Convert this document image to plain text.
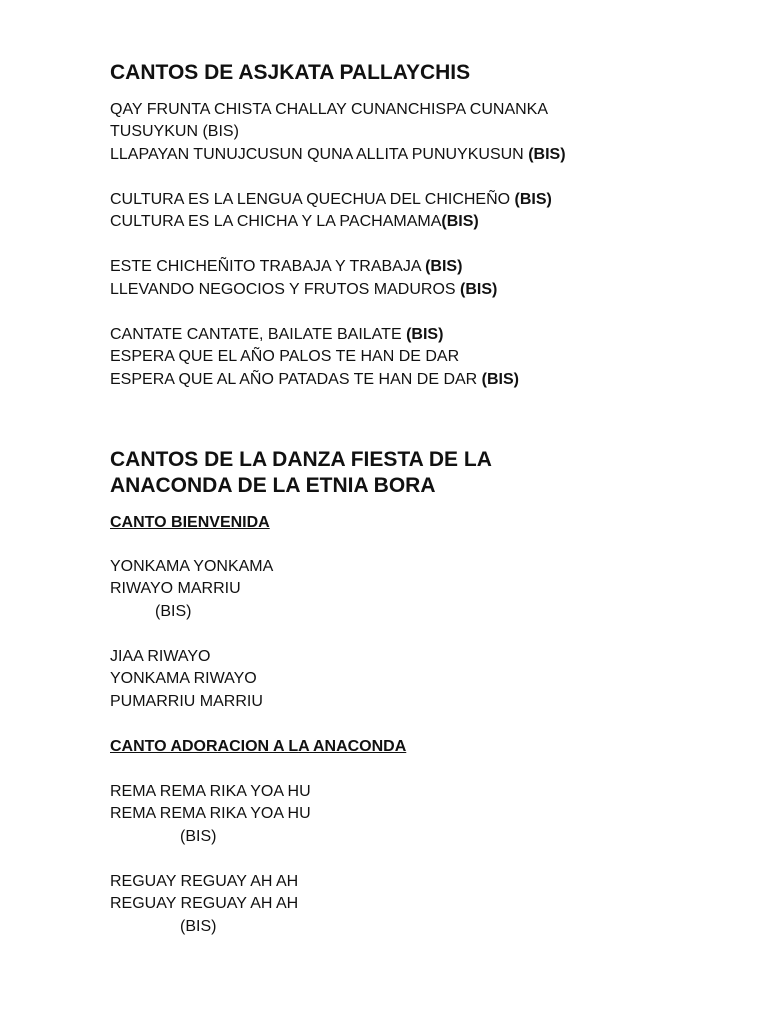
CANTOS DE ASJKATA PALLAYCHIS
QAY FRUNTA CHISTA CHALLAY CUNANCHISPA CUNANKA
TUSUYKUN (BIS)
LLAPAYAN TUNUJCUSUN QUNA ALLITA PUNUYKUSUN (BIS)
CULTURA ES LA LENGUA QUECHUA DEL CHICHEÑO (BIS)
CULTURA ES LA CHICHA Y LA PACHAMAMA(BIS)
ESTE CHICHEÑITO TRABAJA Y TRABAJA (BIS)
LLEVANDO NEGOCIOS Y FRUTOS MADUROS (BIS)
CANTATE CANTATE, BAILATE BAILATE (BIS)
ESPERA QUE EL AÑO PALOS TE HAN DE DAR
ESPERA QUE AL AÑO PATADAS TE HAN DE DAR (BIS)
CANTOS DE LA DANZA FIESTA DE LA
ANACONDA DE LA ETNIA BORA
CANTO BIENVENIDA
YONKAMA YONKAMA
RIWAYO MARRIU
(BIS)
JIAA RIWAYO
YONKAMA RIWAYO
PUMARRIU MARRIU
CANTO ADORACION A LA ANACONDA
REMA REMA RIKA YOA HU
REMA REMA RIKA YOA HU
(BIS)
REGUAY REGUAY AH AH
REGUAY REGUAY AH AH
(BIS)
